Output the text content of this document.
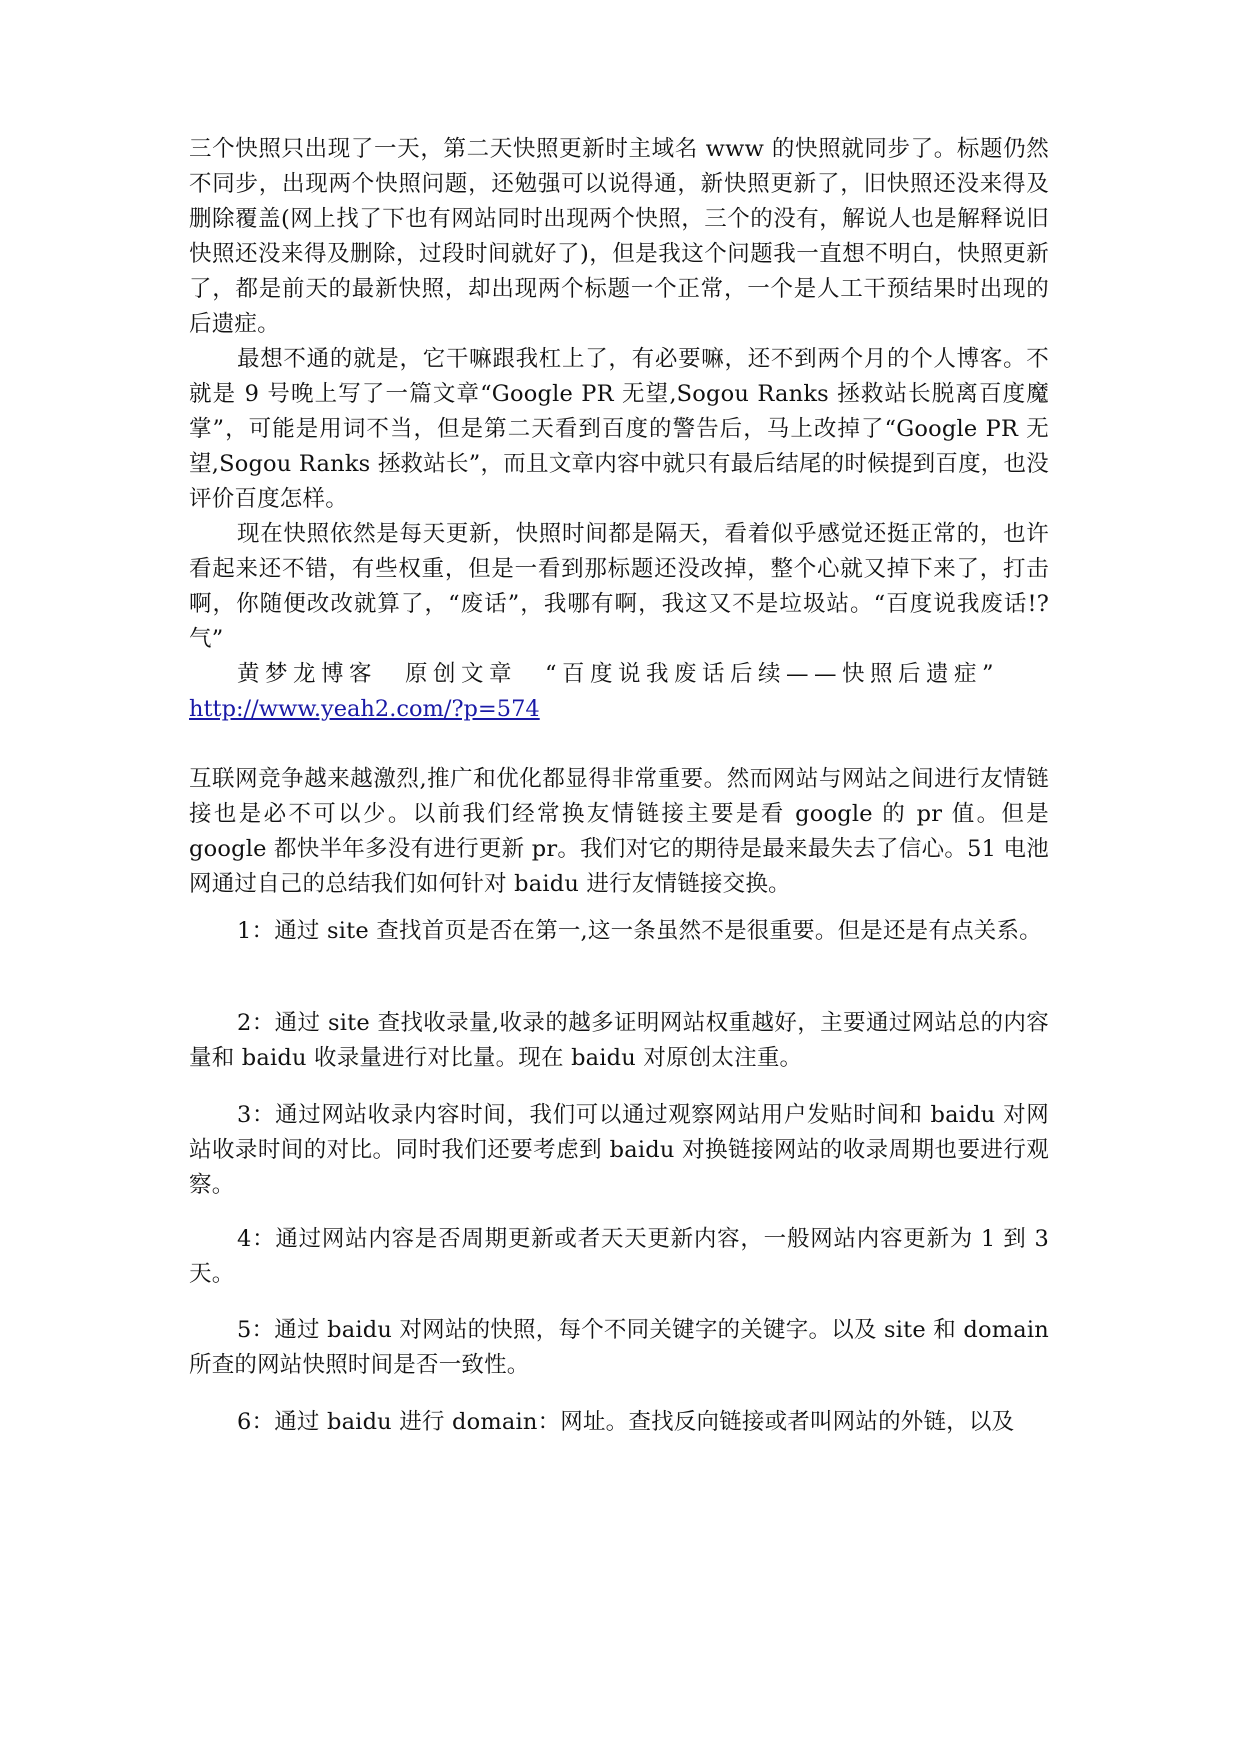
三个快照只出现了一天，第二天快照更新时主域名 www 的快照就同步了。标题仍然不同步，出现两个快照问题，还勉强可以说得通，新快照更新了，旧快照还没来得及删除覆盖(网上找了下也有网站同时出现两个快照，三个的没有，解说人也是解释说旧快照还没来得及删除，过段时间就好了)，但是我这个问题我一直想不明白，快照更新了，都是前天的最新快照，却出现两个标题一个正常，一个是人工干预结果时出现的后遗症。

最想不通的就是，它干嘛跟我杠上了，有必要嘛，还不到两个月的个人博客。不就是 9 号晚上写了一篇文章“Google PR 无望,Sogou Ranks 拯救站长脱离百度魔掌”，可能是用词不当，但是第二天看到百度的警告后，马上改掉了“Google PR 无望,Sogou Ranks 拯救站长”，而且文章内容中就只有最后结尾的时候提到百度，也没评价百度怎样。

现在快照依然是每天更新，快照时间都是隔天，看着似乎感觉还挺正常的，也许看起来还不错，有些权重，但是一看到那标题还没改掉，整个心就又掉下来了，打击啊，你随便改改就算了，“废话”，我哪有啊，我这又不是垃圾站。“百度说我废话!?气”

黄梦龙博客　原创文章　“百度说我废话后续——快照后遗症”

http://www.yeah2.com/?p=574

互联网竞争越来越激烈,推广和优化都显得非常重要。然而网站与网站之间进行友情链接也是必不可以少。以前我们经常换友情链接主要是看 google 的 pr 值。但是 google 都快半年多没有进行更新 pr。我们对它的期待是最来最失去了信心。51 电池网通过自己的总结我们如何针对 baidu 进行友情链接交换。

1：通过 site 查找首页是否在第一,这一条虽然不是很重要。但是还是有点关系。

2：通过 site 查找收录量,收录的越多证明网站权重越好，主要通过网站总的内容量和 baidu 收录量进行对比量。现在 baidu 对原创太注重。

3：通过网站收录内容时间，我们可以通过观察网站用户发贴时间和 baidu 对网站收录时间的对比。同时我们还要考虑到 baidu 对换链接网站的收录周期也要进行观察。

4：通过网站内容是否周期更新或者天天更新内容，一般网站内容更新为 1 到 3 天。

5：通过 baidu 对网站的快照，每个不同关键字的关键字。以及 site 和 domain 所查的网站快照时间是否一致性。

6：通过 baidu 进行 domain：网址。查找反向链接或者叫网站的外链，以及
